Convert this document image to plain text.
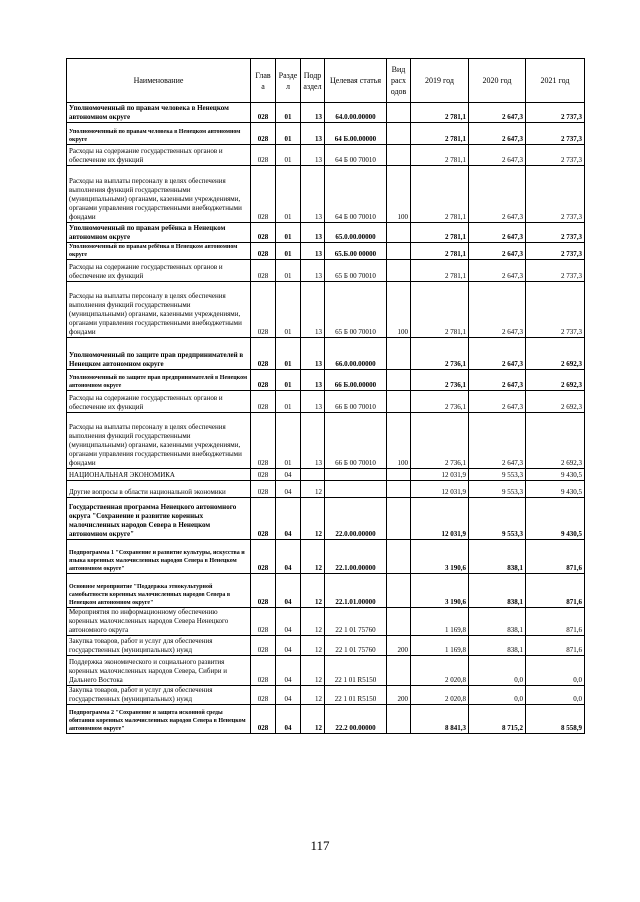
Наименование	Глав а	Разде л	Подр аздел	Целевая статья	Вид расх одов	2019 год	2020 год	2021 год
Уполномоченный по правам человека в Ненецком автономном округе	028	01	13	64.0.00.00000		2 781,1	2 647,3	2 737,3
Уполномоченный по правам человека в Ненецком автономном округе	028	01	13	64 Б.00.00000		2 781,1	2 647,3	2 737,3
Расходы на содержание государственных органов и обеспечение их функций	028	01	13	64 Б 00 70010		2 781,1	2 647,3	2 737,3
Расходы на выплаты персоналу в целях обеспечения выполнения функций государственными (муниципальными) органами, казенными учреждениями, органами управления государственными внебюджетными фондами	028	01	13	64 Б 00 70010	100	2 781,1	2 647,3	2 737,3
Уполномоченный по правам ребёнка в Ненецком автономном округе	028	01	13	65.0.00.00000		2 781,1	2 647,3	2 737,3
Уполномоченный по правам ребёнка в Ненецком автономном округе	028	01	13	65.Б.00 00000		2 781,1	2 647,3	2 737,3
Расходы на содержание государственных органов и обеспечение их функций	028	01	13	65 Б 00 70010		2 781,1	2 647,3	2 737,3
Расходы на выплаты персоналу в целях обеспечения выполнения функций государственными (муниципальными) органами, казенными учреждениями, органами управления государственными внебюджетными фондами	028	01	13	65 Б 00 70010	100	2 781,1	2 647,3	2 737,3
Уполномоченный по защите прав предпринимателей в Ненецком автономном округе	028	01	13	66.0.00.00000		2 736,1	2 647,3	2 692,3
Уполномоченный по защите прав предпринимателей в Ненецком автономном округе	028	01	13	66 Б.00.00000		2 736,1	2 647,3	2 692,3
Расходы на содержание государственных органов и обеспечение их функций	028	01	13	66 Б 00 70010		2 736,1	2 647,3	2 692,3
Расходы на выплаты персоналу в целях обеспечения выполнения функций государственными (муниципальными) органами, казенными учреждениями, органами управления государственными внебюджетными фондами	028	01	13	66 Б 00 70010	100	2 736,1	2 647,3	2 692,3
НАЦИОНАЛЬНАЯ ЭКОНОМИКА	028	04				12 031,9	9 553,3	9 430,5
Другие вопросы в области национальной экономики	028	04	12			12 031,9	9 553,3	9 430,5
Государственная программа Ненецкого автономного округа "Сохранение и развитие коренных малочисленных народов Севера в Ненецком автономном округе"	028	04	12	22.0.00.00000		12 031,9	9 553,3	9 430,5
Подпрограмма 1 "Сохранение и развитие культуры, искусства и языка коренных малочисленных народов Севера в Ненецком автономном округе"	028	04	12	22.1.00.00000		3 190,6	838,1	871,6
Основное мероприятие "Поддержка этнокультурной самобытности коренных малочисленных народов Севера в Ненецком автономном округе"	028	04	12	22.1.01.00000		3 190,6	838,1	871,6
Мероприятия по информационному обеспечению коренных малочисленных народов Севера Ненецкого автономного округа	028	04	12	22 1 01 75760		1 169,8	838,1	871,6
Закупка товаров, работ и услуг для обеспечения государственных (муниципальных) нужд	028	04	12	22 1 01 75760	200	1 169,8	838,1	871,6
Поддержка экономического и социального развития коренных малочисленных народов Севера, Сибири и Дальнего Востока	028	04	12	22 1 01 R5150		2 020,8	0,0	0,0
Закупка товаров, работ и услуг для обеспечения государственных (муниципальных) нужд	028	04	12	22 1 01 R5150	200	2 020,8	0,0	0,0
Подпрограмма 2 "Сохранение и защита исконной среды обитания коренных малочисленных народов Севера в Ненецком автономном округе"	028	04	12	22.2 00.00000		8 841,3	8 715,2	8 558,9
117
